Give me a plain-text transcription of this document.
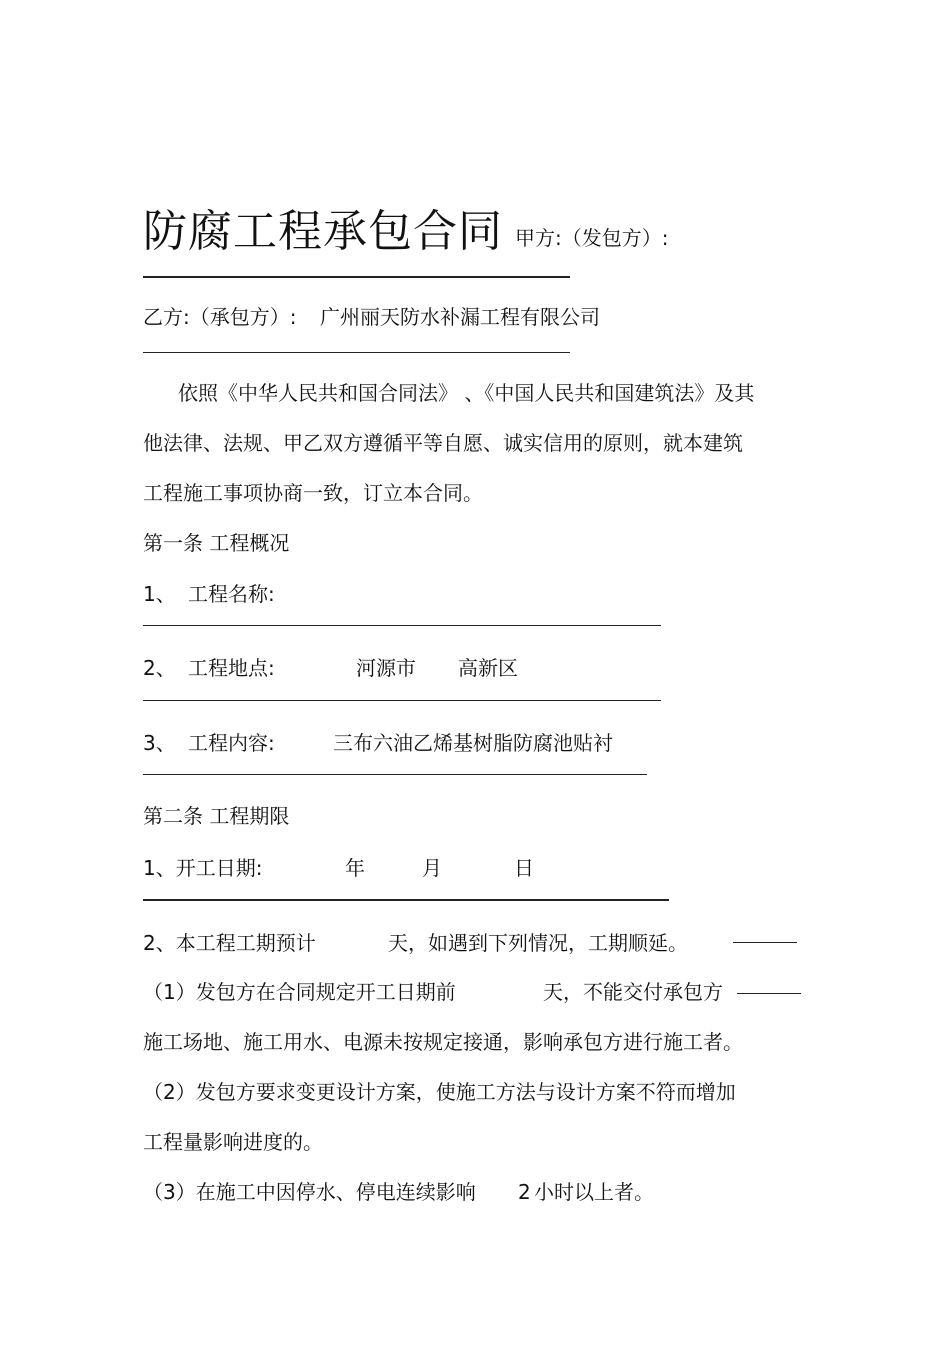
防腐工程承包合同 甲方:（发包方）:
乙方:（承包方）: 广州丽天防水补漏工程有限公司
依照《中华人民共和国合同法》 、《中国人民共和国建筑法》及其
他法律、法规、甲乙双方遵循平等自愿、诚实信用的原则，就本建筑
工程施工事项协商一致，订立本合同。
第一条 工程概况
1、 工程名称:
2、 工程地点:	河源市 高新区
3、 工程内容:	三布六油乙烯基树脂防腐池贴衬
第二条 工程期限
1、开工日期:	年	月	日
2、本工程工期预计	天，如遇到下列情况，工期顺延。
（1）发包方在合同规定开工日期前	天，不能交付承包方
施工场地、施工用水、电源未按规定接通，影响承包方进行施工者。
（2）发包方要求变更设计方案，使施工方法与设计方案不符而增加
工程量影响进度的。
（3）在施工中因停水、停电连续影响 2 小时以上者。
